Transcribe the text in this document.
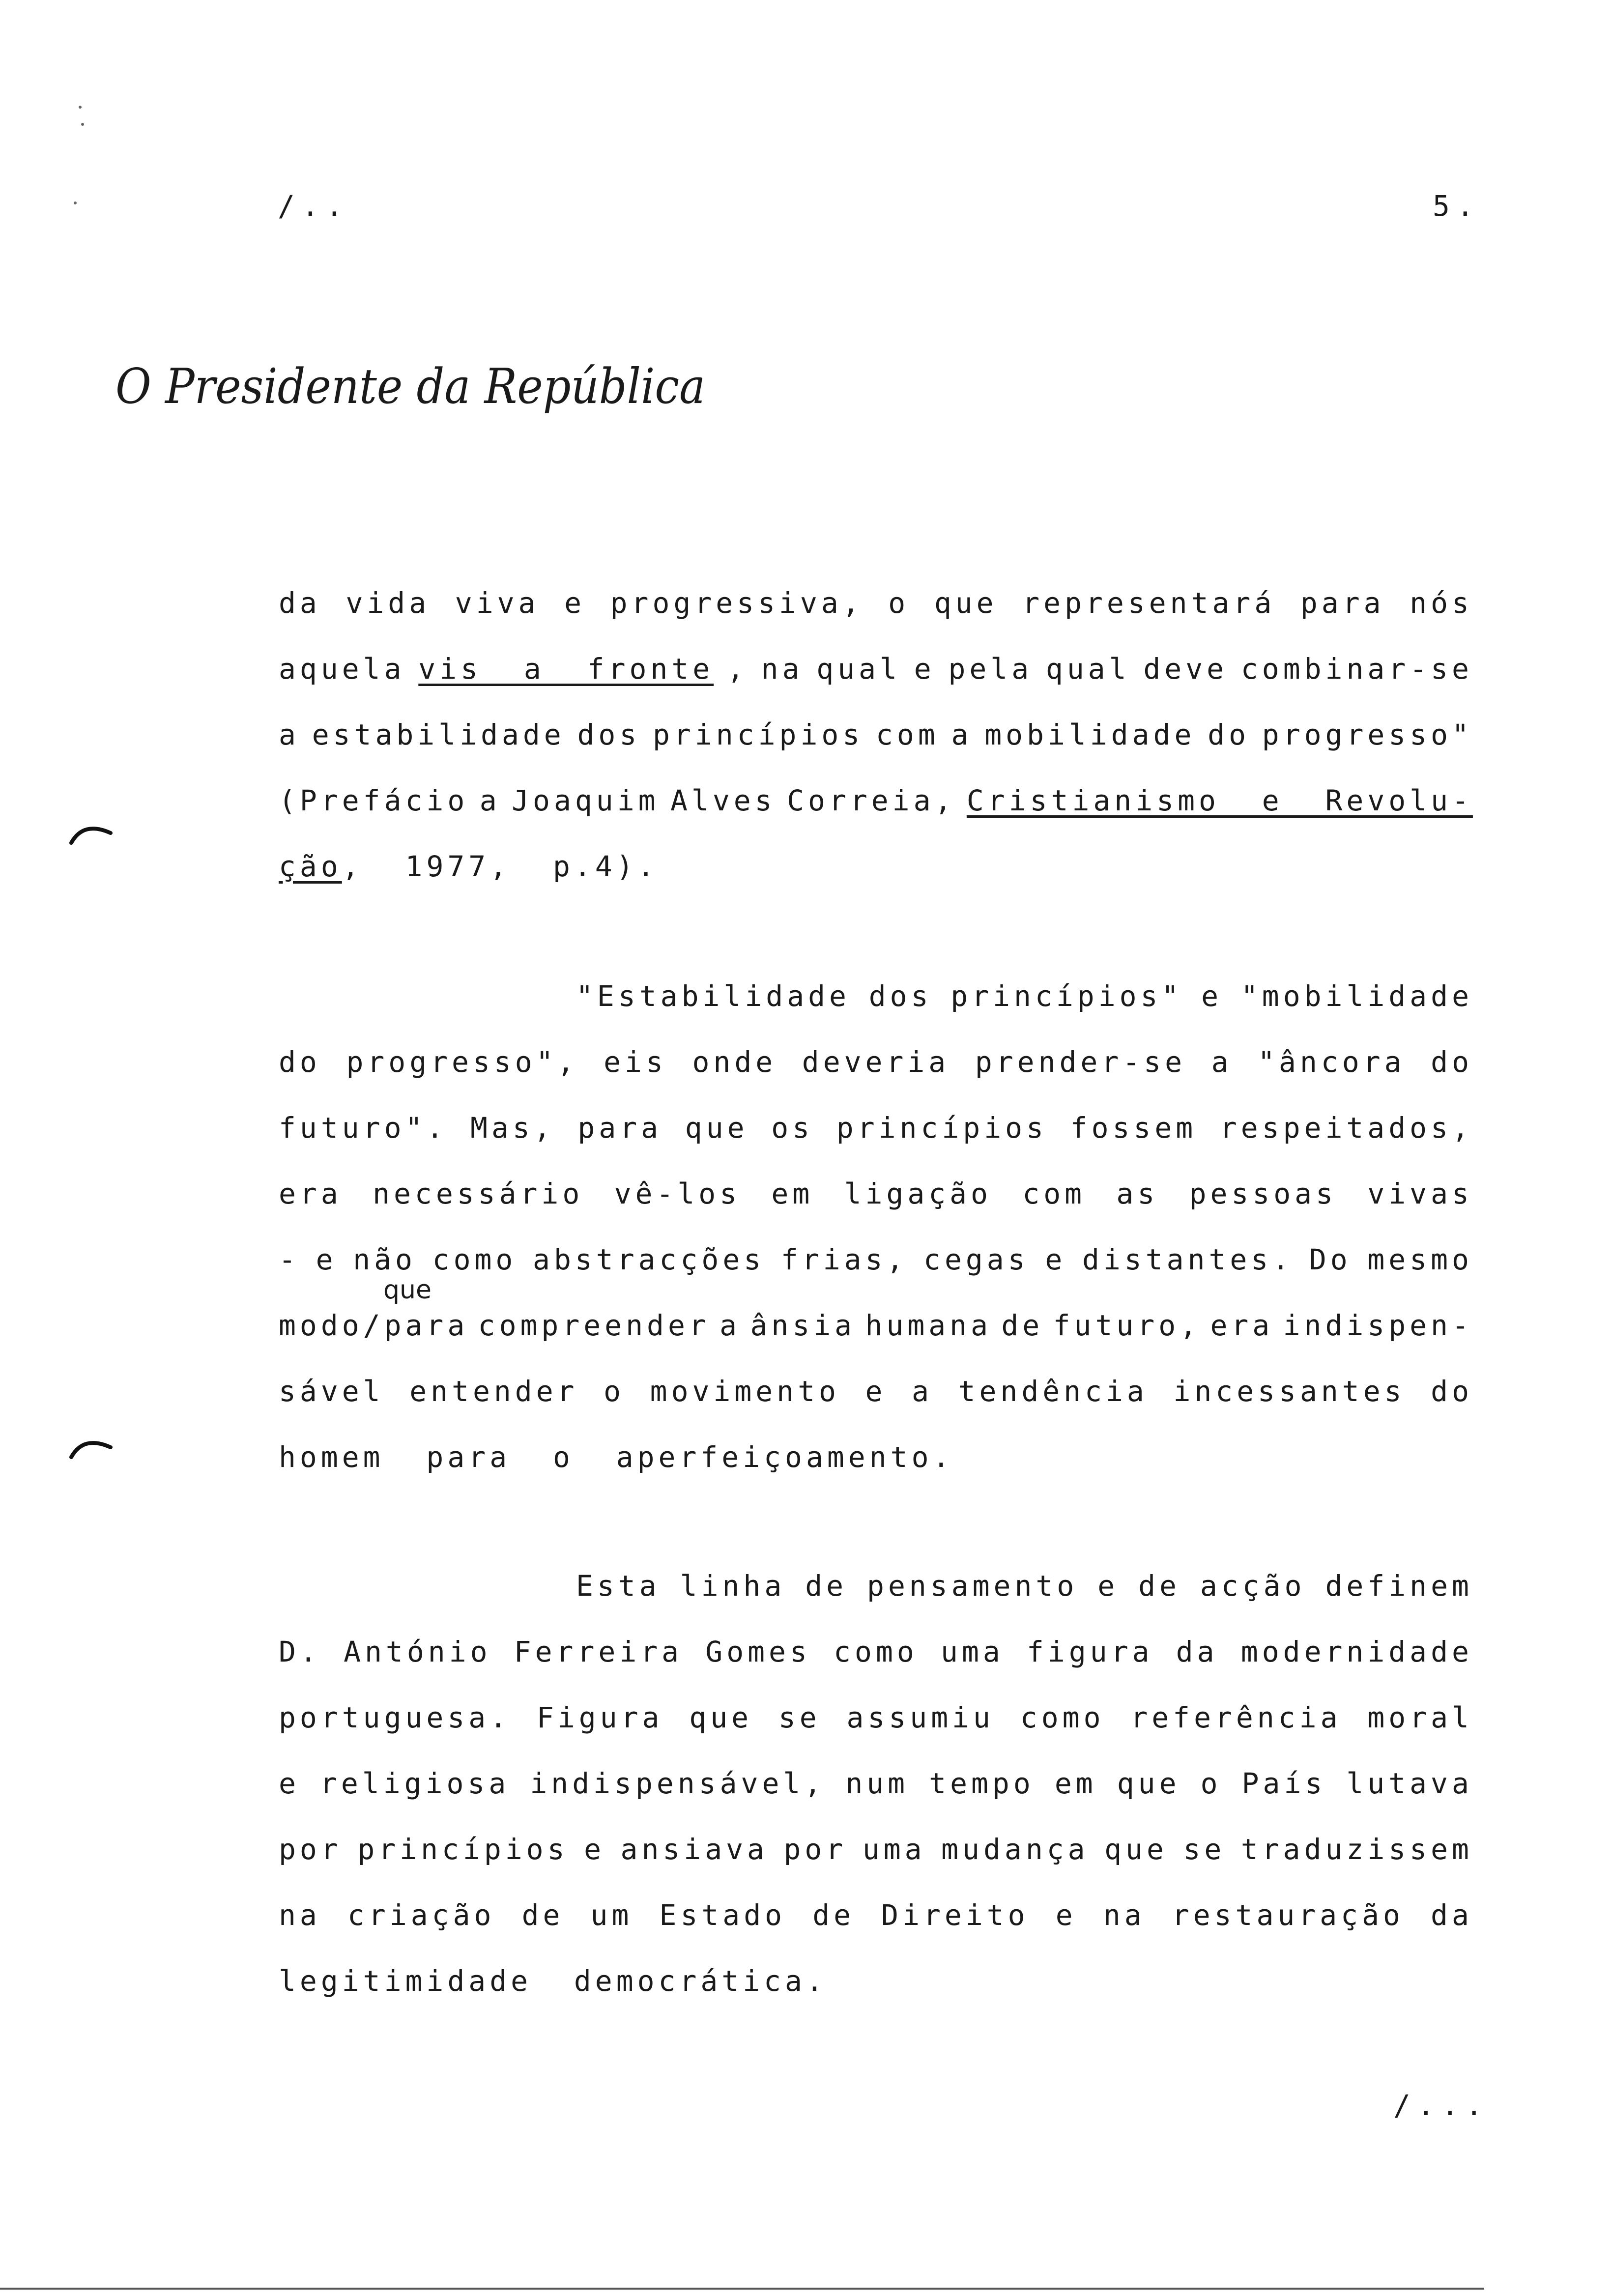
/..	5.
O Presidente da República
da vida viva e progressiva, o que representará para nós
aquela vis  a  fronte , na qual e pela qual deve combinar-se
a estabilidade dos princípios com a mobilidade do progresso"
(Prefácio a Joaquim Alves Correia, Cristianismo  e  Revolu-
ção ,  1977,  p.4).
"Estabilidade dos princípios" e "mobilidade
do progresso", eis onde deveria prender-se a "âncora do
futuro". Mas, para que os princípios fossem respeitados,
era necessário vê-los em ligação com as pessoas vivas
- e não como abstracções frias, cegas e distantes. Do mesmo
modo/para compreender a ânsia humana de futuro, era indispen-
sável entender o movimento e a tendência incessantes do
homem  para  o  aperfeiçoamento.
que
Esta linha de pensamento e de acção definem
D. António Ferreira Gomes como uma figura da modernidade
portuguesa. Figura que se assumiu como referência moral
e religiosa indispensável, num tempo em que o País lutava
por princípios e ansiava por uma mudança que se traduzissem
na criação de um Estado de Direito e na restauração da
legitimidade  democrática.
/...
